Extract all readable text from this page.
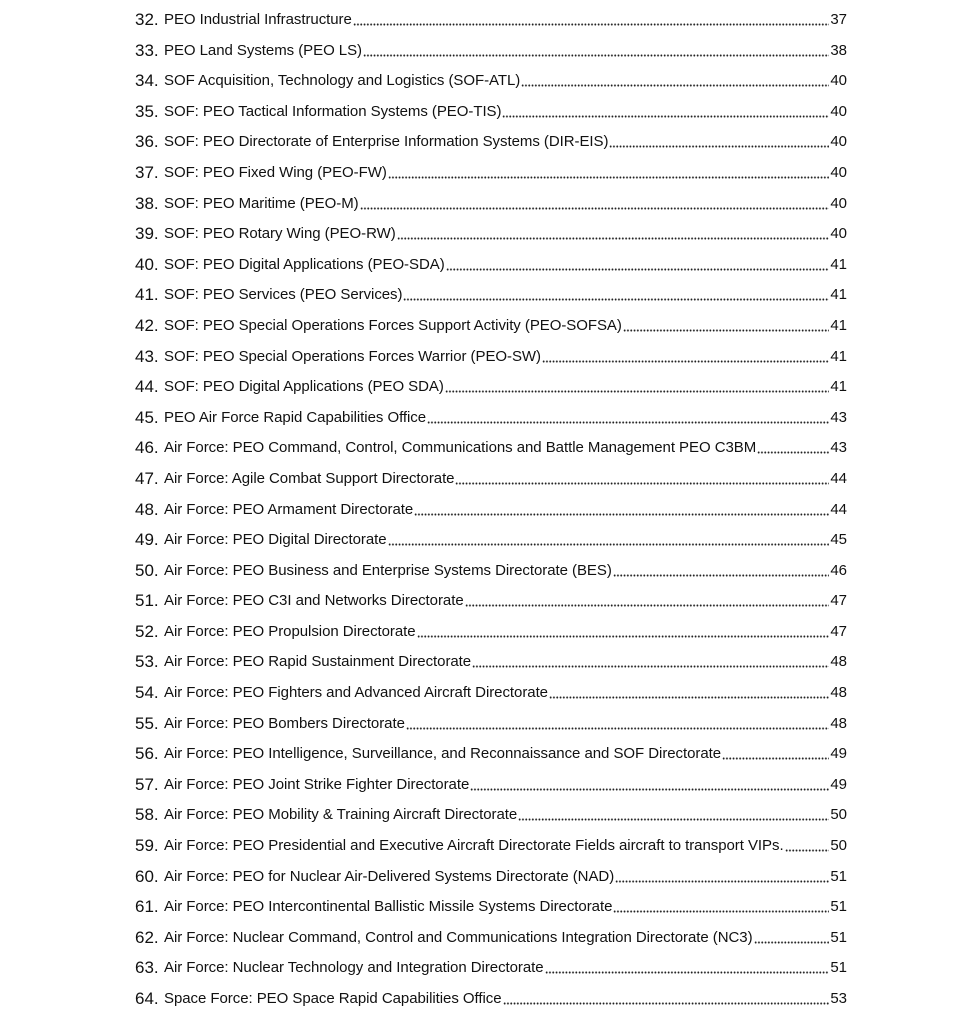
32. PEO Industrial Infrastructure	37
33. PEO Land Systems (PEO LS)	38
34. SOF Acquisition, Technology and Logistics (SOF-ATL)	40
35. SOF: PEO Tactical Information Systems (PEO-TIS)	40
36. SOF: PEO Directorate of Enterprise Information Systems (DIR-EIS)	40
37. SOF: PEO Fixed Wing (PEO-FW)	40
38. SOF: PEO Maritime (PEO-M)	40
39. SOF: PEO Rotary Wing (PEO-RW)	40
40. SOF: PEO Digital Applications (PEO-SDA)	41
41. SOF: PEO Services (PEO Services)	41
42. SOF: PEO Special Operations Forces Support Activity (PEO-SOFSA)	41
43. SOF: PEO Special Operations Forces Warrior (PEO-SW)	41
44. SOF: PEO Digital Applications (PEO SDA)	41
45. PEO Air Force Rapid Capabilities Office	43
46. Air Force: PEO Command, Control, Communications and Battle Management PEO C3BM	43
47. Air Force: Agile Combat Support Directorate	44
48. Air Force: PEO Armament Directorate	44
49. Air Force: PEO Digital Directorate	45
50. Air Force: PEO Business and Enterprise Systems Directorate (BES)	46
51. Air Force: PEO C3I and Networks Directorate	47
52. Air Force: PEO Propulsion Directorate	47
53. Air Force: PEO Rapid Sustainment Directorate	48
54. Air Force: PEO Fighters and Advanced Aircraft Directorate	48
55. Air Force: PEO Bombers Directorate	48
56. Air Force: PEO Intelligence, Surveillance, and Reconnaissance and SOF Directorate	49
57. Air Force: PEO Joint Strike Fighter Directorate	49
58. Air Force: PEO Mobility & Training Aircraft Directorate	50
59. Air Force: PEO Presidential and Executive Aircraft Directorate Fields aircraft to transport VIPs.	50
60. Air Force: PEO for Nuclear Air-Delivered Systems Directorate (NAD)	51
61. Air Force: PEO Intercontinental Ballistic Missile Systems Directorate	51
62. Air Force: Nuclear Command, Control and Communications Integration Directorate (NC3)	51
63. Air Force: Nuclear Technology and Integration Directorate	51
64. Space Force: PEO Space Rapid Capabilities Office	53
